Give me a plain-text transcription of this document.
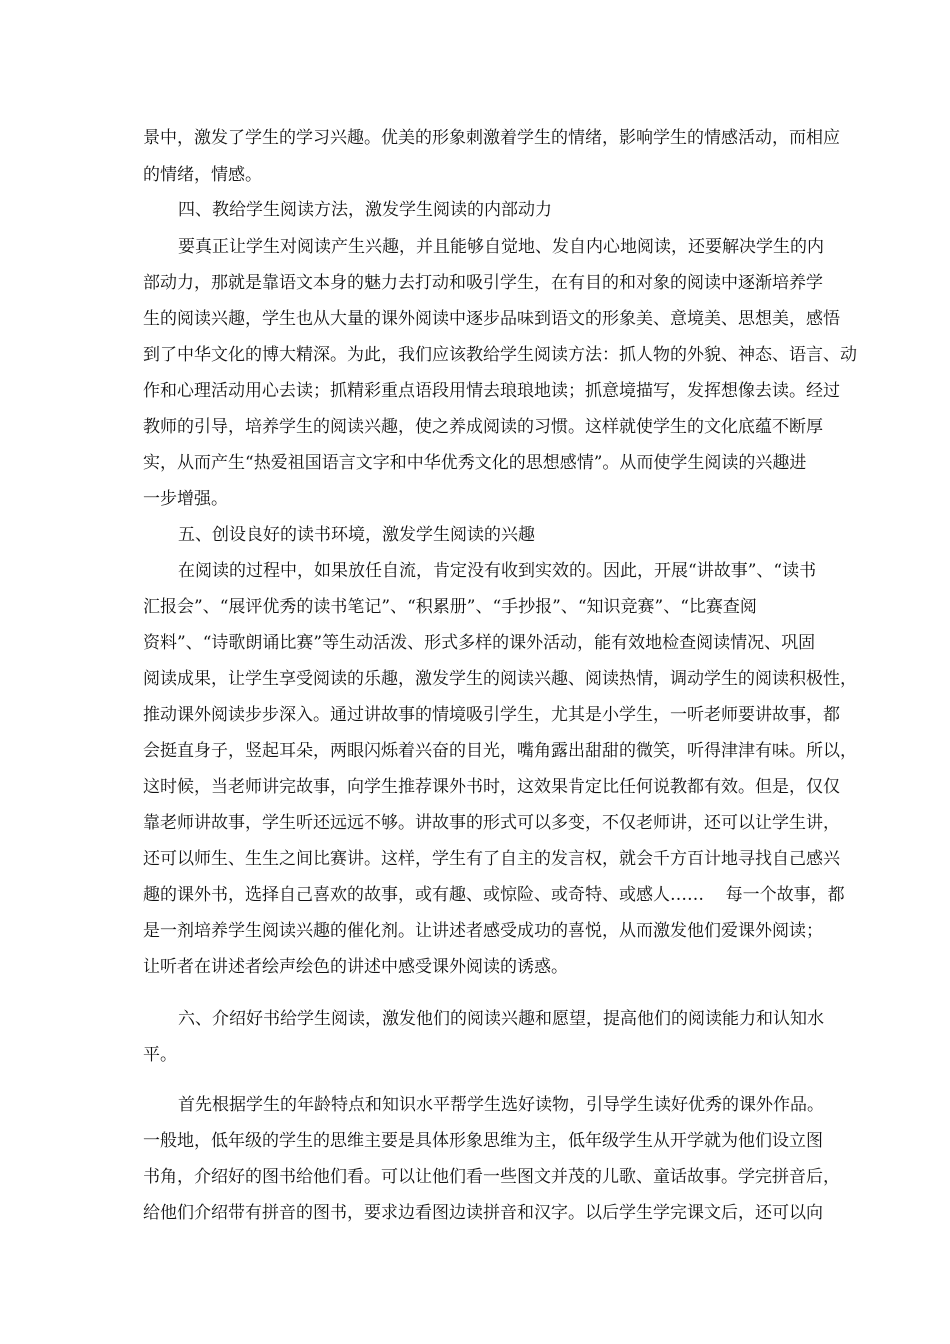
景中，激发了学生的学习兴趣。优美的形象刺激着学生的情绪，影响学生的情感活动，而相应
的情绪，情感。
四、教给学生阅读方法，激发学生阅读的内部动力
要真正让学生对阅读产生兴趣，并且能够自觉地、发自内心地阅读，还要解决学生的内
部动力，那就是靠语文本身的魅力去打动和吸引学生，在有目的和对象的阅读中逐渐培养学
生的阅读兴趣，学生也从大量的课外阅读中逐步品味到语文的形象美、意境美、思想美，感悟
到了中华文化的博大精深。为此，我们应该教给学生阅读方法：抓人物的外貌、神态、语言、动
作和心理活动用心去读；抓精彩重点语段用情去琅琅地读；抓意境描写，发挥想像去读。经过
教师的引导，培养学生的阅读兴趣，使之养成阅读的习惯。这样就使学生的文化底蕴不断厚
实，从而产生“热爱祖国语言文字和中华优秀文化的思想感情”。从而使学生阅读的兴趣进
一步增强。
五、创设良好的读书环境，激发学生阅读的兴趣
在阅读的过程中，如果放任自流，肯定没有收到实效的。因此，开展“讲故事”、“读书
汇报会”、“展评优秀的读书笔记”、“积累册”、“手抄报”、“知识竞赛”、“比赛查阅
资料”、“诗歌朗诵比赛”等生动活泼、形式多样的课外活动，能有效地检查阅读情况、巩固
阅读成果，让学生享受阅读的乐趣，激发学生的阅读兴趣、阅读热情，调动学生的阅读积极性，
推动课外阅读步步深入。通过讲故事的情境吸引学生，尤其是小学生，一听老师要讲故事，都
会挺直身子，竖起耳朵，两眼闪烁着兴奋的目光，嘴角露出甜甜的微笑，听得津津有味。所以，
这时候，当老师讲完故事，向学生推荐课外书时，这效果肯定比任何说教都有效。但是，仅仅
靠老师讲故事，学生听还远远不够。讲故事的形式可以多变，不仅老师讲，还可以让学生讲，
还可以师生、生生之间比赛讲。这样，学生有了自主的发言权，就会千方百计地寻找自己感兴
趣的课外书，选择自己喜欢的故事，或有趣、或惊险、或奇特、或感人……    每一个故事，都
是一剂培养学生阅读兴趣的催化剂。让讲述者感受成功的喜悦，从而激发他们爱课外阅读；
让听者在讲述者绘声绘色的讲述中感受课外阅读的诱惑。
六、介绍好书给学生阅读，激发他们的阅读兴趣和愿望，提高他们的阅读能力和认知水
平。
首先根据学生的年龄特点和知识水平帮学生选好读物，引导学生读好优秀的课外作品。
一般地，低年级的学生的思维主要是具体形象思维为主，低年级学生从开学就为他们设立图
书角，介绍好的图书给他们看。可以让他们看一些图文并茂的儿歌、童话故事。学完拼音后，
给他们介绍带有拼音的图书，要求边看图边读拼音和汉字。以后学生学完课文后，还可以向
